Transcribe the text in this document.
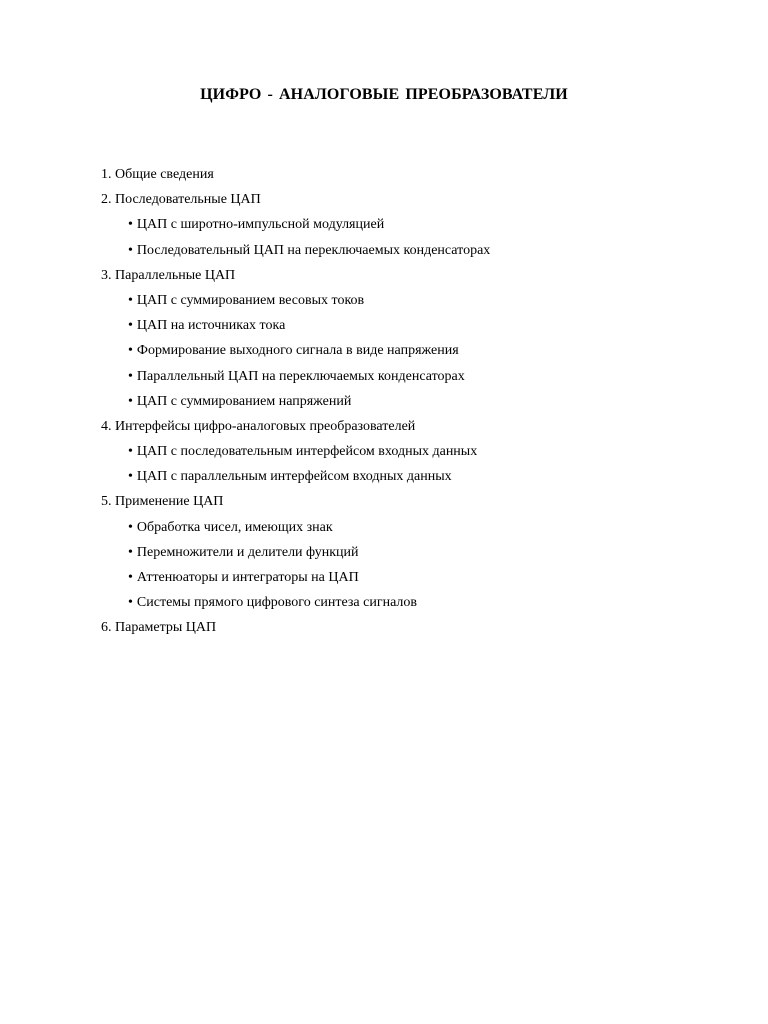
ЦИФРО - АНАЛОГОВЫЕ ПРЕОБРАЗОВАТЕЛИ
1. Общие сведения
2. Последовательные ЦАП
• ЦАП с широтно-импульсной модуляцией
• Последовательный ЦАП на переключаемых конденсаторах
3. Параллельные ЦАП
• ЦАП с суммированием весовых токов
• ЦАП на источниках тока
• Формирование выходного сигнала в виде напряжения
• Параллельный ЦАП на переключаемых конденсаторах
• ЦАП с суммированием напряжений
4. Интерфейсы цифро-аналоговых преобразователей
• ЦАП с последовательным интерфейсом входных данных
• ЦАП с параллельным интерфейсом входных данных
5. Применение ЦАП
• Обработка чисел, имеющих знак
• Перемножители и делители функций
• Аттенюаторы и интеграторы на ЦАП
• Системы прямого цифрового синтеза сигналов
6. Параметры ЦАП
